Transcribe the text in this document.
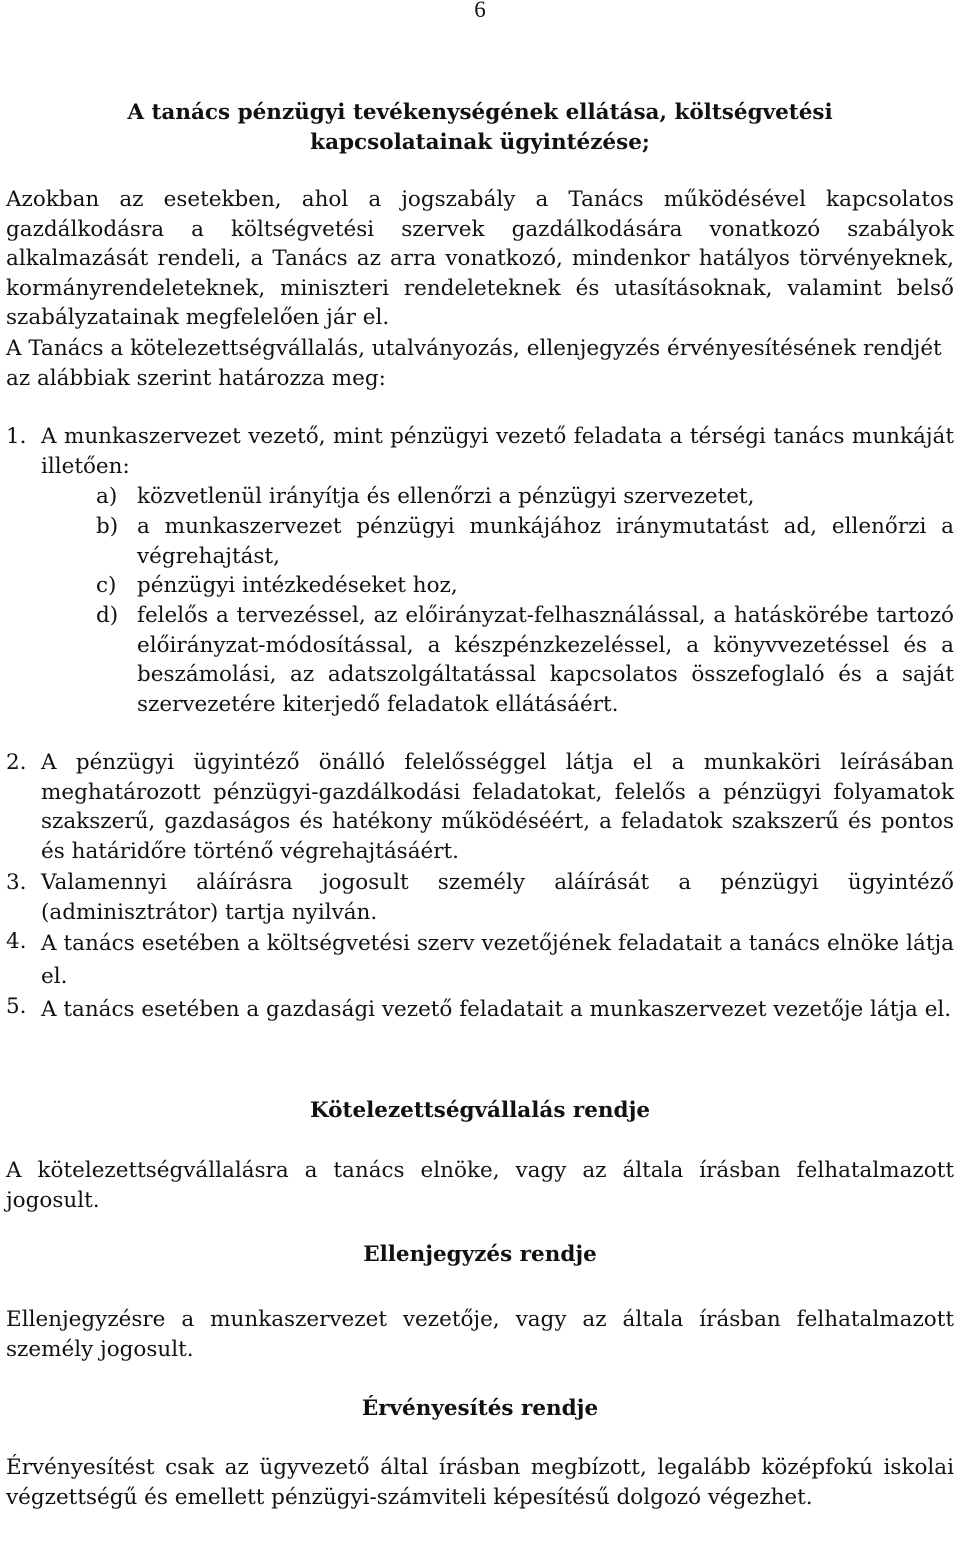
6

A tanács pénzügyi tevékenységének ellátása, költségvetési

kapcsolatainak ügyintézése;

Azokban az esetekben, ahol a jogszabály a Tanács működésével kapcsolatos gazdálkodásra a költségvetési szervek gazdálkodására vonatkozó szabályok alkalmazását rendeli, a Tanács az arra vonatkozó, mindenkor hatályos törvényeknek, kormányrendeleteknek, miniszteri rendeleteknek és utasításoknak, valamint belső szabályzatainak megfelelően jár el.

A Tanács a kötelezettségvállalás, utalványozás, ellenjegyzés érvényesítésének rendjét az alábbiak szerint határozza meg:

1. A munkaszervezet vezető, mint pénzügyi vezető feladata a térségi tanács munkáját illetően:

a) közvetlenül irányítja és ellenőrzi a pénzügyi szervezetet,

b) a munkaszervezet pénzügyi munkájához iránymutatást ad, ellenőrzi a végrehajtást,

c) pénzügyi intézkedéseket hoz,

d) felelős a tervezéssel, az előirányzat-felhasználással, a hatáskörébe tartozó előirányzat-módosítással, a készpénzkezeléssel, a könyvvezetéssel és a beszámolási, az adatszolgáltatással kapcsolatos összefoglaló és a saját szervezetére kiterjedő feladatok ellátásáért.

2. A pénzügyi ügyintéző önálló felelősséggel látja el a munkaköri leírásában meghatározott pénzügyi-gazdálkodási feladatokat, felelős a pénzügyi folyamatok szakszerű, gazdaságos és hatékony működéséért, a feladatok szakszerű és pontos és határidőre történő végrehajtásáért.

3. Valamennyi aláírásra jogosult személy aláírását a pénzügyi ügyintéző (adminisztrátor) tartja nyilván.

4. A tanács esetében a költségvetési szerv vezetőjének feladatait a tanács elnöke látja el.

5. A tanács esetében a gazdasági vezető feladatait a munkaszervezet vezetője látja el.

Kötelezettségvállalás rendje

A kötelezettségvállalásra a tanács elnöke, vagy az általa írásban felhatalmazott jogosult.

Ellenjegyzés rendje

Ellenjegyzésre a munkaszervezet vezetője, vagy az általa írásban felhatalmazott személy jogosult.

Érvényesítés rendje

Érvényesítést csak az ügyvezető által írásban megbízott, legalább középfokú iskolai végzettségű és emellett pénzügyi-számviteli képesítésű dolgozó végezhet.
